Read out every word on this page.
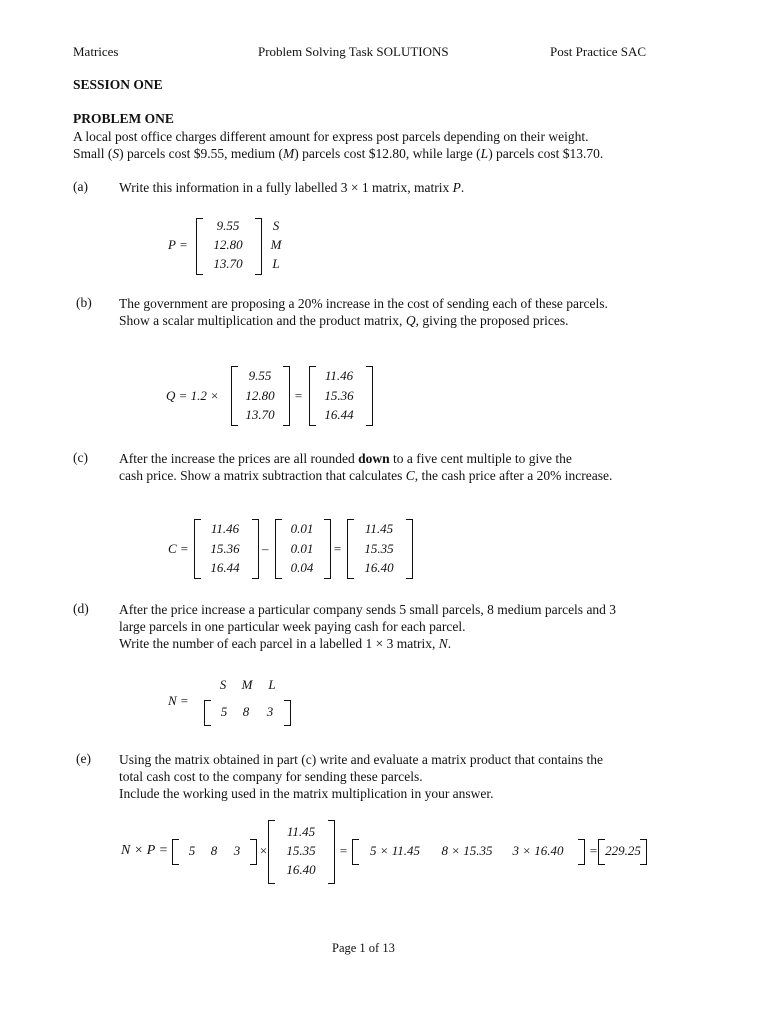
Matrices	Problem Solving Task SOLUTIONS	Post Practice SAC
SESSION ONE
PROBLEM ONE
A local post office charges different amount for express post parcels depending on their weight.
Small (S) parcels cost $9.55, medium (M) parcels cost $12.80, while large (L) parcels cost $13.70.
(a) Write this information in a fully labelled 3 × 1 matrix, matrix P.
P =
9.55
12.80
13.70
S
M
L
(b) The government are proposing a 20% increase in the cost of sending each of these parcels.
Show a scalar multiplication and the product matrix, Q, giving the proposed prices.
Q = 1.2 ×
9.55
12.80
13.70
=
11.46
15.36
16.44
(c) After the increase the prices are all rounded down to a five cent multiple to give the
cash price. Show a matrix subtraction that calculates C, the cash price after a 20% increase.
C =
11.46
15.36
16.44
–
0.01
0.01
0.04
=
11.45
15.35
16.40
(d) After the price increase a particular company sends 5 small parcels, 8 medium parcels and 3
large parcels in one particular week paying cash for each parcel.
Write the number of each parcel in a labelled 1 × 3 matrix, N.
N =
S	M	L
5	8	3
(e) Using the matrix obtained in part (c) write and evaluate a matrix product that contains the
total cash cost to the company for sending these parcels.
Include the working used in the matrix multiplication in your answer.
N × P =	5	8	3	×
11.45
15.35
16.40
=	5 × 11.45	8 × 15.35	3 × 16.40	= 229.25
Page 1 of 13
